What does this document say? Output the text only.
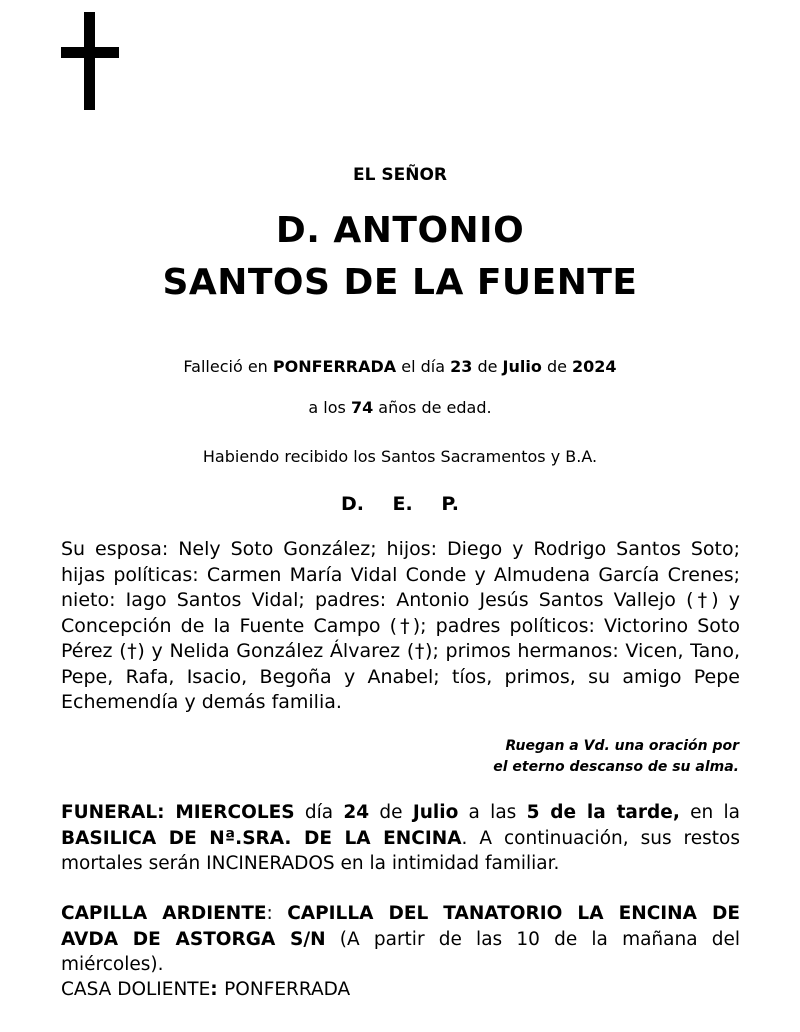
EL SEÑOR
D. ANTONIO
SANTOS DE LA FUENTE
Falleció en PONFERRADA el día 23 de Julio de 2024
a los 74 años de edad.
Habiendo recibido los Santos Sacramentos y B.A.
D. E. P.
Su esposa: Nely Soto González; hijos: Diego y Rodrigo Santos Soto; hijas políticas: Carmen María Vidal Conde y Almudena García Crenes; nieto: Iago Santos Vidal; padres: Antonio Jesús Santos Vallejo (†) y Concepción de la Fuente Campo (†); padres políticos: Victorino Soto Pérez (†) y Nelida González Álvarez (†); primos hermanos: Vicen, Tano, Pepe, Rafa, Isacio, Begoña y Anabel; tíos, primos, su amigo Pepe Echemendía y demás familia.
Ruegan a Vd. una oración por
el eterno descanso de su alma.
FUNERAL: MIERCOLES día 24 de Julio a las 5 de la tarde, en la BASILICA DE Nª.SRA. DE LA ENCINA. A continuación, sus restos mortales serán INCINERADOS en la intimidad familiar.
CAPILLA ARDIENTE: CAPILLA DEL TANATORIO LA ENCINA DE AVDA DE ASTORGA S/N (A partir de las 10 de la mañana del miércoles).
CASA DOLIENTE: PONFERRADA
